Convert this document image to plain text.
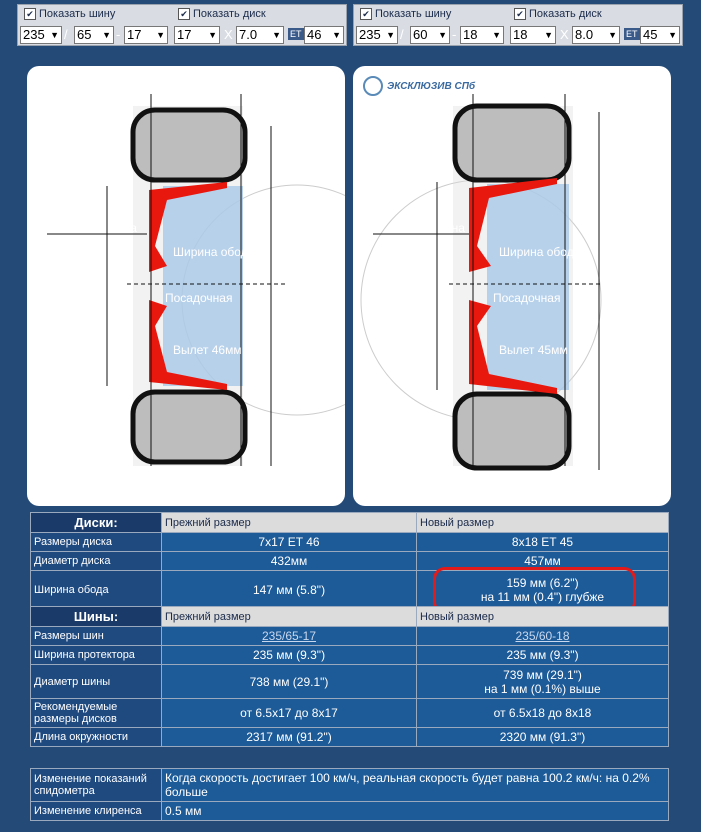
✔ Показать шину	✔ Показать диск
235 ▼ / 65 ▼ - 17 ▼ 17 ▼ X 7.0 ▼ ET 46 ▼
✔ Показать шину	✔ Показать диск
235 ▼ / 60 ▼ - 18 ▼ 18 ▼ X 8.0 ▼ ET 45 ▼
Ширина обода
Посадочная
Вылет 46мм
она
ЭКСКЛЮЗИВ СПб
Ширина обода
Посадочная
Вылет 45мм
она
Диски:	Прежний размер	Новый размер
Размеры диска	7x17 ET 46	8x18 ET 45
Диаметр диска	432мм	457мм
Ширина обода	147 мм (5.8")	159 мм (6.2")
на 11 мм (0.4") глубже
Шины:	Прежний размер	Новый размер
Размеры шин	235/65-17	235/60-18
Ширина протектора	235 мм (9.3")	235 мм (9.3")
Диаметр шины	738 мм (29.1")	739 мм (29.1")
на 1 мм (0.1%) выше

Рекомендуемые размеры дисков	от 6.5x17 до 8x17	от 6.5x18 до 8x18
Длина окружности	2317 мм (91.2")	2320 мм (91.3")
Изменение показаний спидометра	Когда скорость достигает 100 км/ч, реальная скорость будет равна 100.2 км/ч: на 0.2% больше
Изменение клиренса	0.5 мм
